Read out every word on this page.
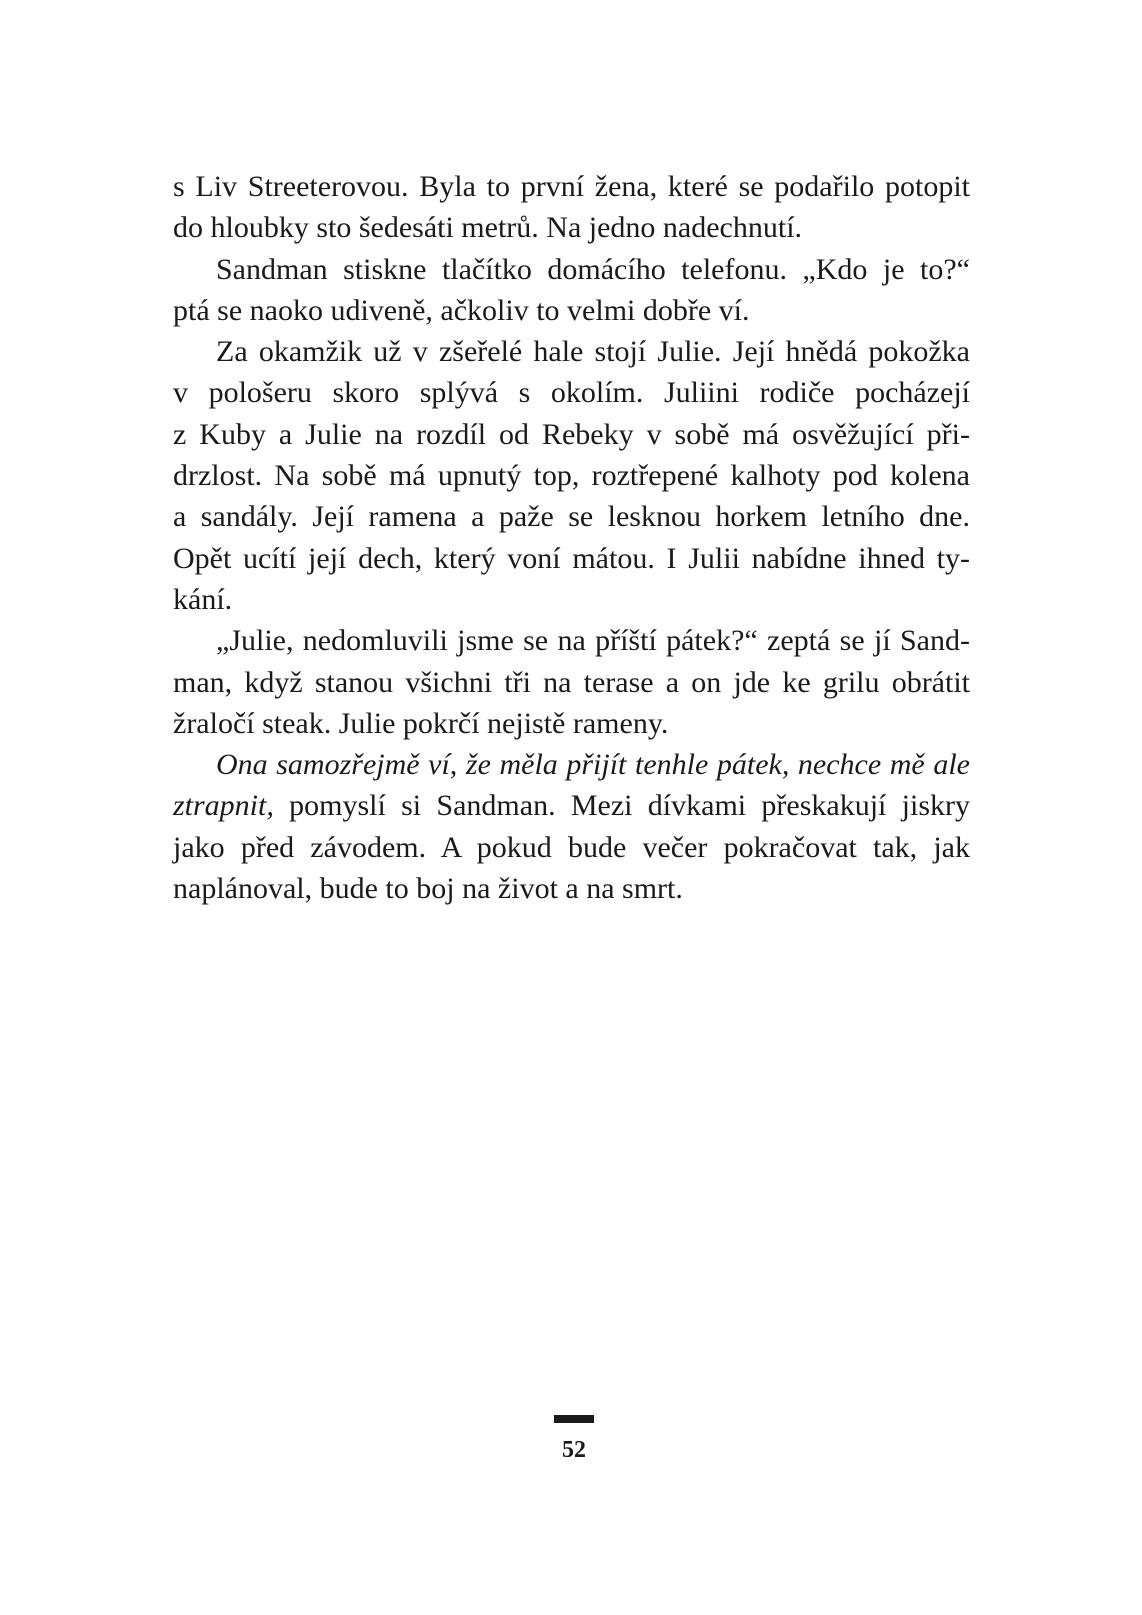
s Liv Streeterovou. Byla to první žena, které se podařilo potopit
do hloubky sto šedesáti metrů. Na jedno nadechnutí.
Sandman stiskne tlačítko domácího telefonu. „Kdo je to?“
ptá se naoko udiveně, ačkoliv to velmi dobře ví.
Za okamžik už v zšeřelé hale stojí Julie. Její hnědá pokožka
v pološeru skoro splývá s okolím. Juliini rodiče pocházejí
z Kuby a Julie na rozdíl od Rebeky v sobě má osvěžující při-
drzlost. Na sobě má upnutý top, roztřepené kalhoty pod kolena
a sandály. Její ramena a paže se lesknou horkem letního dne.
Opět ucítí její dech, který voní mátou. I Julii nabídne ihned ty-
kání.
„Julie, nedomluvili jsme se na příští pátek?“ zeptá se jí Sand-
man, když stanou všichni tři na terase a on jde ke grilu obrátit
žraločí steak. Julie pokrčí nejistě rameny.
Ona samozřejmě ví, že měla přijít tenhle pátek, nechce mě ale
ztrapnit, pomyslí si Sandman. Mezi dívkami přeskakují jiskry
jako před závodem. A pokud bude večer pokračovat tak, jak
naplánoval, bude to boj na život a na smrt.
52
